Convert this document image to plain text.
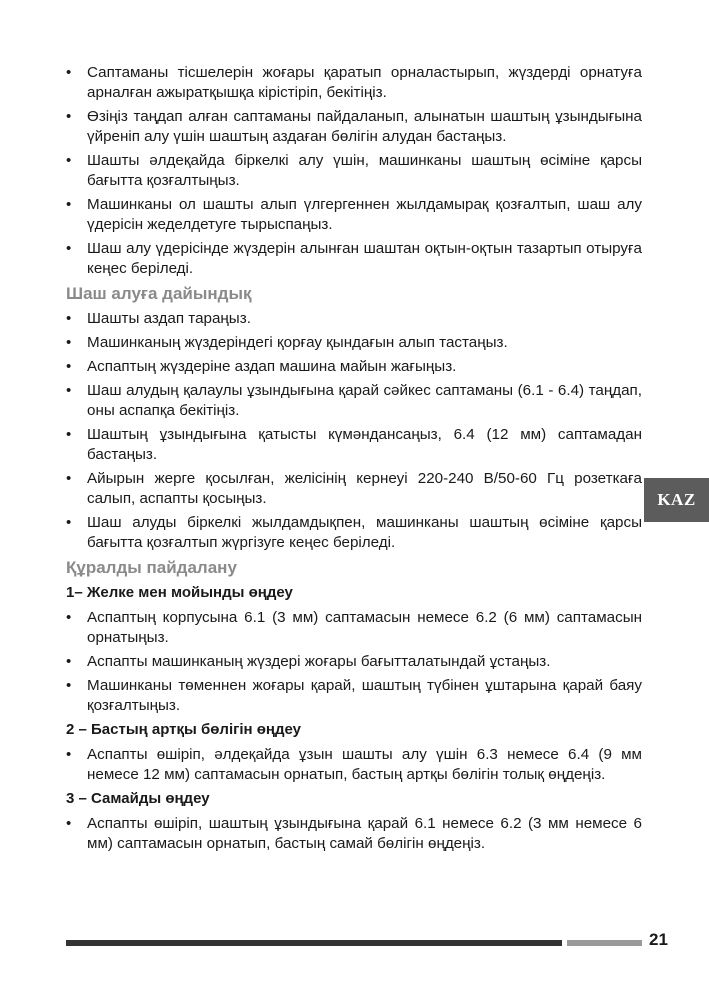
• Саптаманы тісшелерін жоғары қаратып орналастырып, жүздерді орнатуға арналған ажыратқышқа кірістіріп, бекітіңіз.
• Өзіңіз таңдап алған саптаманы пайдаланып, алынатын шаштың ұзындығына үйреніп алу үшін шаштың аздаған бөлігін алудан бастаңыз.
• Шашты әлдеқайда біркелкі алу үшін, машинканы шаштың өсіміне қарсы бағытта қозғалтыңыз.
• Машинканы ол шашты алып үлгергеннен жылдамырақ қозғалтып, шаш алу үдерісін жеделдетуге тырыспаңыз.
• Шаш алу үдерісінде жүздерін алынған шаштан оқтын-оқтын тазартып отыруға кеңес беріледі.
Шаш алуға дайындық
• Шашты аздап тараңыз.
• Машинканың жүздеріндегі қорғау қындағын алып тастаңыз.
• Аспаптың жүздеріне аздап машина майын жағыңыз.
• Шаш алудың қалаулы ұзындығына қарай сәйкес саптаманы (6.1 - 6.4) таңдап, оны аспапқа бекітіңіз.
• Шаштың ұзындығына қатысты күмәндансаңыз, 6.4 (12 мм) саптамадан бастаңыз.
• Айырын жерге қосылған, желісінің кернеуі 220-240 В/50-60 Гц розеткаға салып, аспапты қосыңыз.
• Шаш алуды біркелкі жылдамдықпен, машинканы шаштың өсіміне қарсы бағытта қозғалтып жүргізуге кеңес беріледі.
Құралды пайдалану
1– Желке мен мойынды өңдеу
• Аспаптың корпусына 6.1 (3 мм) саптамасын немесе 6.2 (6 мм) саптамасын орнатыңыз.
• Аспапты машинканың жүздері жоғары бағытталатындай ұстаңыз.
• Машинканы төменнен жоғары қарай, шаштың түбінен ұштарына қарай баяу қозғалтыңыз.
2 – Бастың артқы бөлігін өңдеу
• Аспапты өшіріп, әлдеқайда ұзын шашты алу үшін 6.3 немесе 6.4 (9 мм немесе 12 мм) саптамасын орнатып, бастың артқы бөлігін толық өңдеңіз.
3 – Самайды өңдеу
• Аспапты өшіріп, шаштың ұзындығына қарай 6.1 немесе 6.2 (3 мм немесе 6 мм) саптамасын орнатып, бастың самай бөлігін өңдеңіз.
KAZ
21
